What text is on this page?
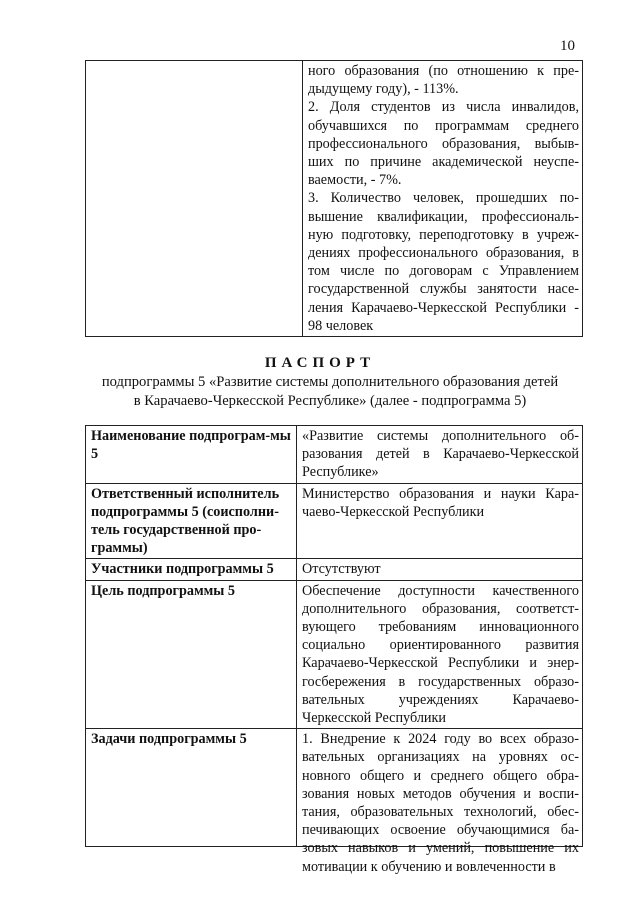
10

ного образования (по отношению к пре-дыдущему году), - 113%.
2. Доля студентов из числа инвалидов, обучавшихся по программам среднего профессионального образования, выбыв-ших по причине академической неуспе-ваемости, - 7%.
3. Количество человек, прошедших по-вышение квалификации, профессиональ-ную подготовку, переподготовку в учреж-дениях профессионального образования, в том числе по договорам с Управлением государственной службы занятости насе-ления Карачаево-Черкесской Республики - 98 человек
ПАСПОРТ
подпрограммы 5 «Развитие системы дополнительного образования детей
в Карачаево-Черкесской Республике» (далее - подпрограмма 5)
Наименование подпрограм-мы 5	«Развитие системы дополнительного об-разования детей в Карачаево-Черкесской Республике»
Ответственный исполнитель подпрограммы 5 (соисполни-тель государственной про-граммы)	Министерство образования и науки Кара-чаево-Черкесской Республики
Участники подпрограммы 5	Отсутствуют
Цель подпрограммы 5	Обеспечение доступности качественного дополнительного образования, соответст-вующего требованиям инновационного социально ориентированного развития Карачаево-Черкесской Республики и энер-госбережения в государственных образо-вательных учреждениях Карачаево-Черкесской Республики
Задачи подпрограммы 5	1. Внедрение к 2024 году во всех образо-вательных организациях на уровнях ос-новного общего и среднего общего обра-зования новых методов обучения и воспи-тания, образовательных технологий, обес-печивающих освоение обучающимися ба-зовых навыков и умений, повышение их мотивации к обучению и вовлеченности в
